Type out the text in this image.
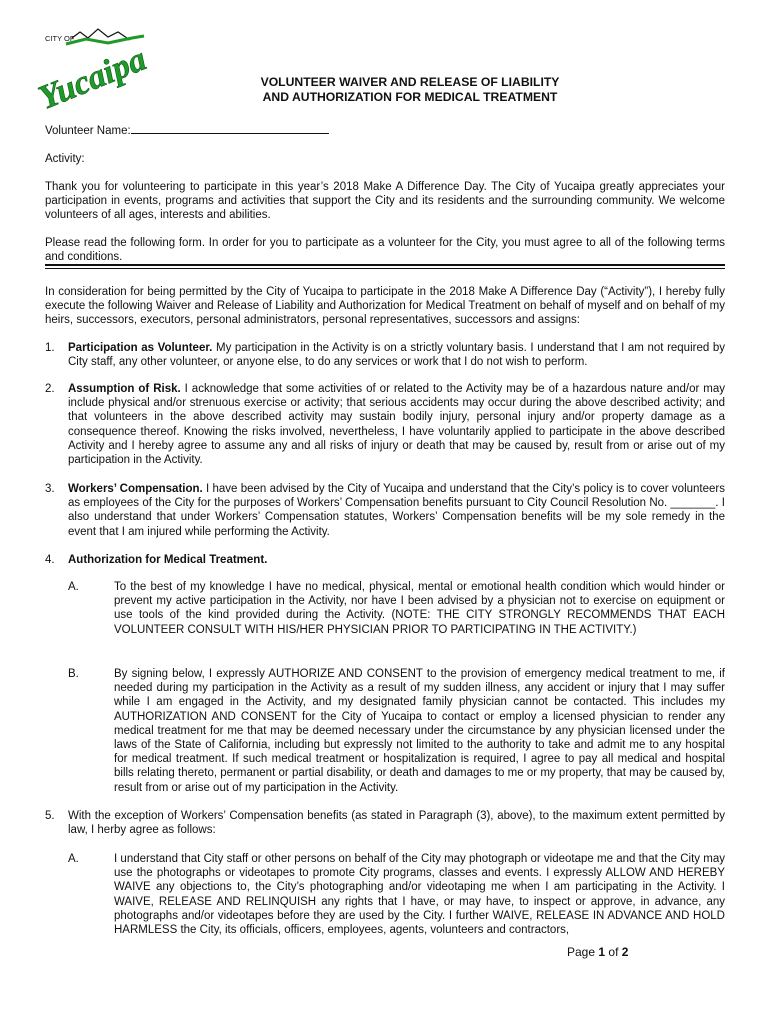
CITY OF
Yucaipa	VOLUNTEER WAIVER AND RELEASE OF LIABILITY
AND AUTHORIZATION FOR MEDICAL TREATMENT
Volunteer Name:
Activity:

Thank you for volunteering to participate in this year’s 2018 Make A Difference Day. The City of Yucaipa greatly appreciates your participation in events, programs and activities that support the City and its residents and the surrounding community. We welcome volunteers of all ages, interests and abilities.

Please read the following form. In order for you to participate as a volunteer for the City, you must agree to all of the following terms and conditions.

In consideration for being permitted by the City of Yucaipa to participate in the 2018 Make A Difference Day (“Activity”), I hereby fully execute the following Waiver and Release of Liability and Authorization for Medical Treatment on behalf of myself and on behalf of my heirs, successors, executors, personal administrators, personal representatives, successors and assigns:

1. Participation as Volunteer. My participation in the Activity is on a strictly voluntary basis. I understand that I am not required by City staff, any other volunteer, or anyone else, to do any services or work that I do not wish to perform.
2. Assumption of Risk. I acknowledge that some activities of or related to the Activity may be of a hazardous nature and/or may include physical and/or strenuous exercise or activity; that serious accidents may occur during the above described activity; and that volunteers in the above described activity may sustain bodily injury, personal injury and/or property damage as a consequence thereof. Knowing the risks involved, nevertheless, I have voluntarily applied to participate in the above described Activity and I hereby agree to assume any and all risks of injury or death that may be caused by, result from or arise out of my participation in the Activity.
3. Workers’ Compensation. I have been advised by the City of Yucaipa and understand that the City’s policy is to cover volunteers as employees of the City for the purposes of Workers’ Compensation benefits pursuant to City Council Resolution No. _______. I also understand that under Workers’ Compensation statutes, Workers’ Compensation benefits will be my sole remedy in the event that I am injured while performing the Activity.
4. Authorization for Medical Treatment.
A.	To the best of my knowledge I have no medical, physical, mental or emotional health condition which would hinder or prevent my active participation in the Activity, nor have I been advised by a physician not to exercise on equipment or use tools of the kind provided during the Activity. (NOTE: THE CITY STRONGLY RECOMMENDS THAT EACH VOLUNTEER CONSULT WITH HIS/HER PHYSICIAN PRIOR TO PARTICIPATING IN THE ACTIVITY.)
B.	By signing below, I expressly AUTHORIZE AND CONSENT to the provision of emergency medical treatment to me, if needed during my participation in the Activity as a result of my sudden illness, any accident or injury that I may suffer while I am engaged in the Activity, and my designated family physician cannot be contacted. This includes my AUTHORIZATION AND CONSENT for the City of Yucaipa to contact or employ a licensed physician to render any medical treatment for me that may be deemed necessary under the circumstance by any physician licensed under the laws of the State of California, including but expressly not limited to the authority to take and admit me to any hospital for medical treatment. If such medical treatment or hospitalization is required, I agree to pay all medical and hospital bills relating thereto, permanent or partial disability, or death and damages to me or my property, that may be caused by, result from or arise out of my participation in the Activity.
5. With the exception of Workers’ Compensation benefits (as stated in Paragraph (3), above), to the maximum extent permitted by law, I herby agree as follows:
A.	I understand that City staff or other persons on behalf of the City may photograph or videotape me and that the City may use the photographs or videotapes to promote City programs, classes and events. I expressly ALLOW AND HEREBY WAIVE any objections to, the City’s photographing and/or videotaping me when I am participating in the Activity. I WAIVE, RELEASE AND RELINQUISH any rights that I have, or may have, to inspect or approve, in advance, any photographs and/or videotapes before they are used by the City. I further WAIVE, RELEASE IN ADVANCE AND HOLD HARMLESS the City, its officials, officers, employees, agents, volunteers and contractors,
Page 1 of 2
